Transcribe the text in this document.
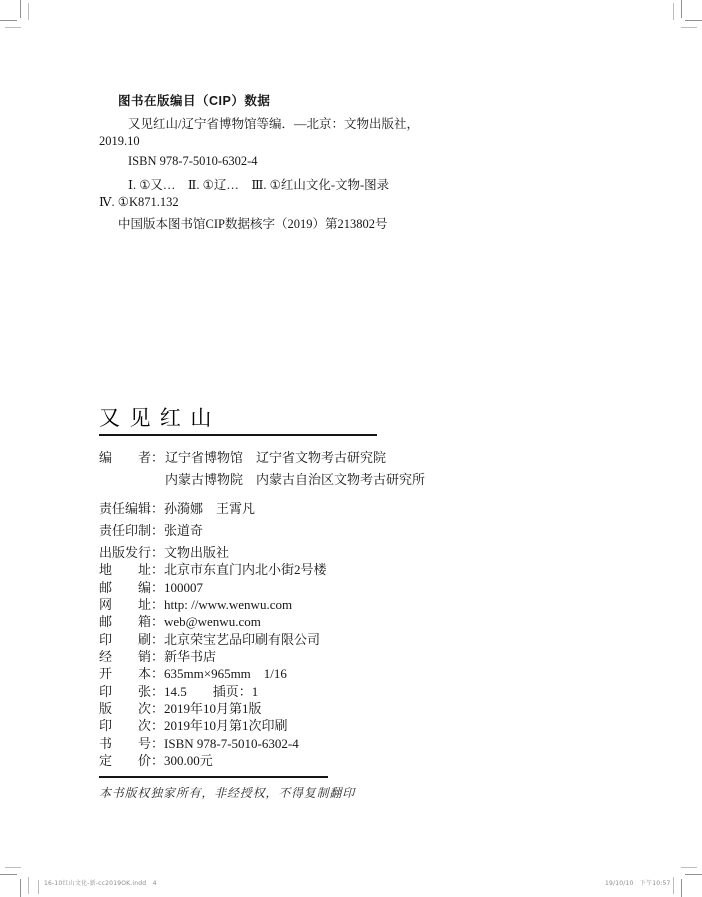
图书在版编目（CIP）数据
又见红山/辽宁省博物馆等编．—北京：文物出版社，
2019.10
ISBN 978-7-5010-6302-4
Ⅰ. ①又…　Ⅱ. ①辽…　Ⅲ. ①红山文化-文物-图录
Ⅳ. ①K871.132
中国版本图书馆CIP数据核字（2019）第213802号
又见红山
编　　者： 辽宁省博物馆　辽宁省文物考古研究院
内蒙古博物院　内蒙古自治区文物考古研究所
责任编辑：孙漪娜　王霄凡
责任印制：张道奇
出版发行：文物出版社
地　　址：北京市东直门内北小街2号楼
邮　　编：100007
网　　址：http: //www.wenwu.com
邮　　箱：web@wenwu.com
印　　刷：北京荣宝艺品印刷有限公司
经　　销：新华书店
开　　本：635mm×965mm　1/16
印　　张：14.5　　插页：1
版　　次：2019年10月第1版
印　　次：2019年10月第1次印刷
书　　号：ISBN 978-7-5010-6302-4
定　　价：300.00元
本书版权独家所有，非经授权，不得复制翻印
16-10红山文化-新-cc2019OK.indd   4	19/10/10   下午10:57
